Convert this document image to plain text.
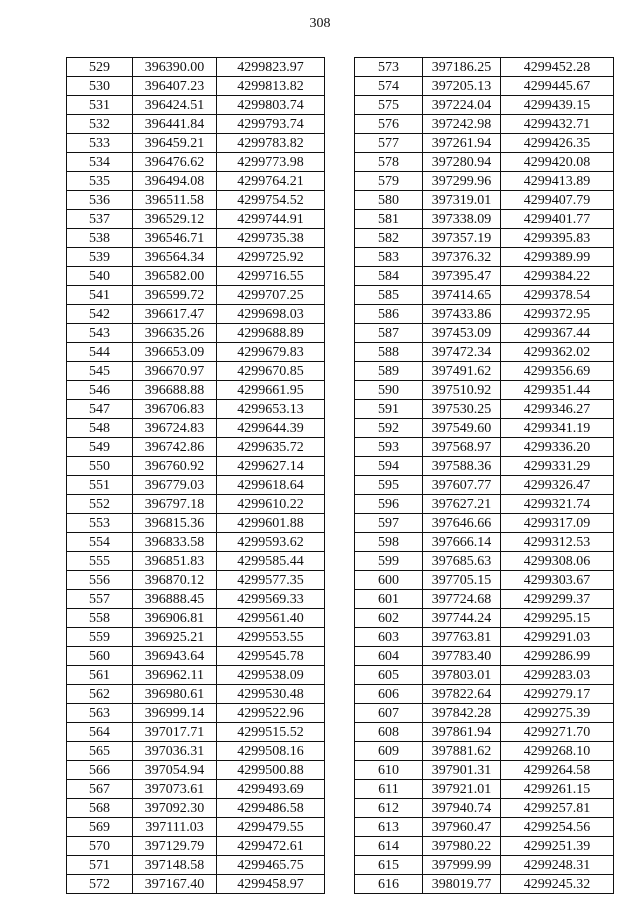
308
529	396390.00	4299823.97
530	396407.23	4299813.82
531	396424.51	4299803.74
532	396441.84	4299793.74
533	396459.21	4299783.82
534	396476.62	4299773.98
535	396494.08	4299764.21
536	396511.58	4299754.52
537	396529.12	4299744.91
538	396546.71	4299735.38
539	396564.34	4299725.92
540	396582.00	4299716.55
541	396599.72	4299707.25
542	396617.47	4299698.03
543	396635.26	4299688.89
544	396653.09	4299679.83
545	396670.97	4299670.85
546	396688.88	4299661.95
547	396706.83	4299653.13
548	396724.83	4299644.39
549	396742.86	4299635.72
550	396760.92	4299627.14
551	396779.03	4299618.64
552	396797.18	4299610.22
553	396815.36	4299601.88
554	396833.58	4299593.62
555	396851.83	4299585.44
556	396870.12	4299577.35
557	396888.45	4299569.33
558	396906.81	4299561.40
559	396925.21	4299553.55
560	396943.64	4299545.78
561	396962.11	4299538.09
562	396980.61	4299530.48
563	396999.14	4299522.96
564	397017.71	4299515.52
565	397036.31	4299508.16
566	397054.94	4299500.88
567	397073.61	4299493.69
568	397092.30	4299486.58
569	397111.03	4299479.55
570	397129.79	4299472.61
571	397148.58	4299465.75
572	397167.40	4299458.97
573	397186.25	4299452.28
574	397205.13	4299445.67
575	397224.04	4299439.15
576	397242.98	4299432.71
577	397261.94	4299426.35
578	397280.94	4299420.08
579	397299.96	4299413.89
580	397319.01	4299407.79
581	397338.09	4299401.77
582	397357.19	4299395.83
583	397376.32	4299389.99
584	397395.47	4299384.22
585	397414.65	4299378.54
586	397433.86	4299372.95
587	397453.09	4299367.44
588	397472.34	4299362.02
589	397491.62	4299356.69
590	397510.92	4299351.44
591	397530.25	4299346.27
592	397549.60	4299341.19
593	397568.97	4299336.20
594	397588.36	4299331.29
595	397607.77	4299326.47
596	397627.21	4299321.74
597	397646.66	4299317.09
598	397666.14	4299312.53
599	397685.63	4299308.06
600	397705.15	4299303.67
601	397724.68	4299299.37
602	397744.24	4299295.15
603	397763.81	4299291.03
604	397783.40	4299286.99
605	397803.01	4299283.03
606	397822.64	4299279.17
607	397842.28	4299275.39
608	397861.94	4299271.70
609	397881.62	4299268.10
610	397901.31	4299264.58
611	397921.01	4299261.15
612	397940.74	4299257.81
613	397960.47	4299254.56
614	397980.22	4299251.39
615	397999.99	4299248.31
616	398019.77	4299245.32
